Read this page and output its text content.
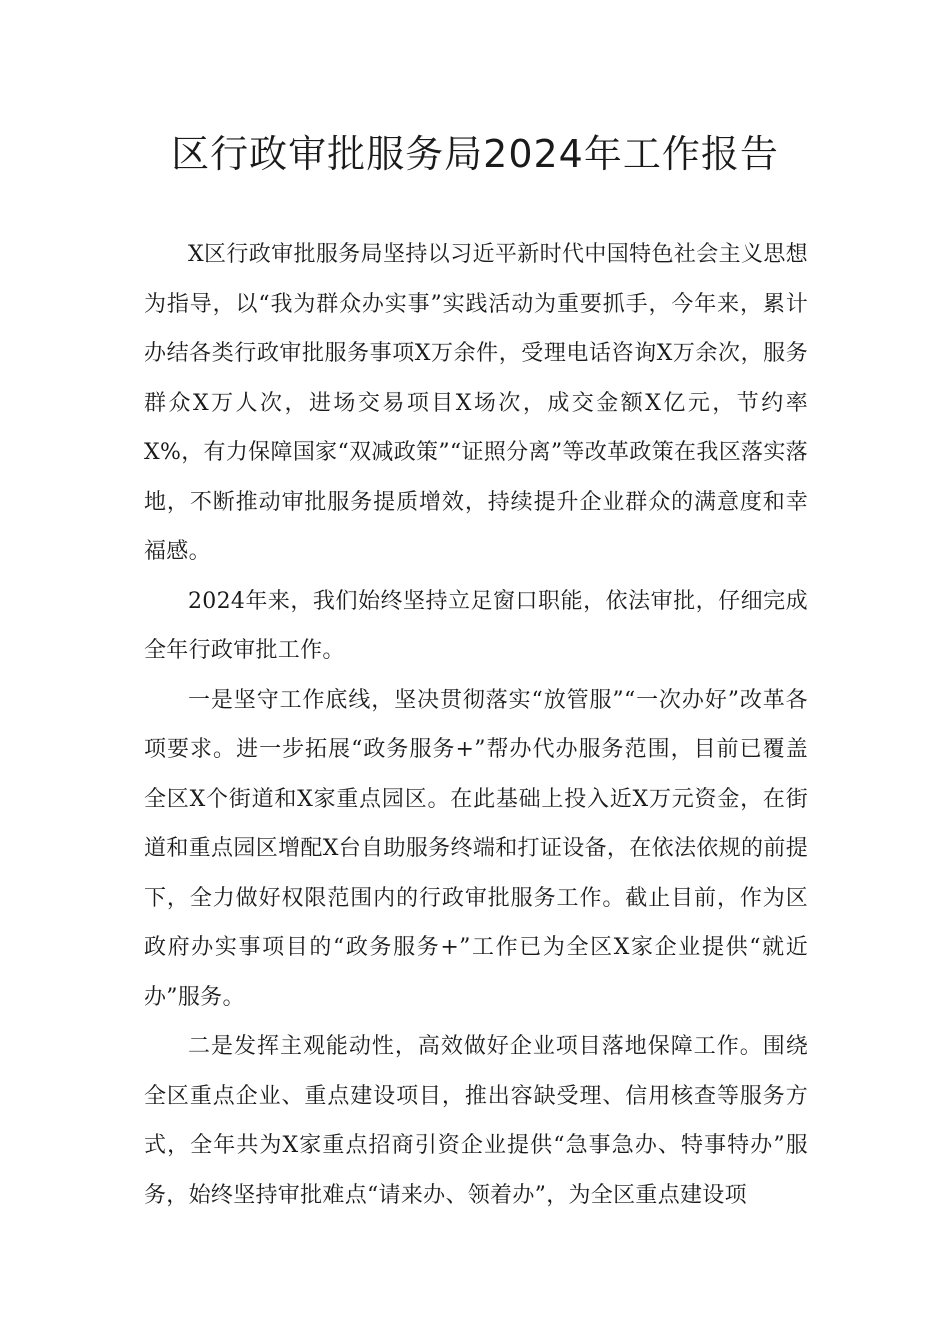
区行政审批服务局2024年工作报告

X区行政审批服务局坚持以习近平新时代中国特色社会主义思想为指导，以“我为群众办实事”实践活动为重要抓手，今年来，累计办结各类行政审批服务事项X万余件，受理电话咨询X万余次，服务群众X万人次，进场交易项目X场次，成交金额X亿元，节约率X%，有力保障国家“双减政策”“证照分离”等改革政策在我区落实落地，不断推动审批服务提质增效，持续提升企业群众的满意度和幸福感。

2024年来，我们始终坚持立足窗口职能，依法审批，仔细完成全年行政审批工作。

一是坚守工作底线，坚决贯彻落实“放管服”“一次办好”改革各项要求。进一步拓展“政务服务+”帮办代办服务范围，目前已覆盖全区X个街道和X家重点园区。在此基础上投入近X万元资金，在街道和重点园区增配X台自助服务终端和打证设备，在依法依规的前提下，全力做好权限范围内的行政审批服务工作。截止目前，作为区政府办实事项目的“政务服务+”工作已为全区X家企业提供“就近办”服务。

二是发挥主观能动性，高效做好企业项目落地保障工作。围绕全区重点企业、重点建设项目，推出容缺受理、信用核查等服务方式，全年共为X家重点招商引资企业提供“急事急办、特事特办”服务，始终坚持审批难点“请来办、领着办”，为全区重点建设项
